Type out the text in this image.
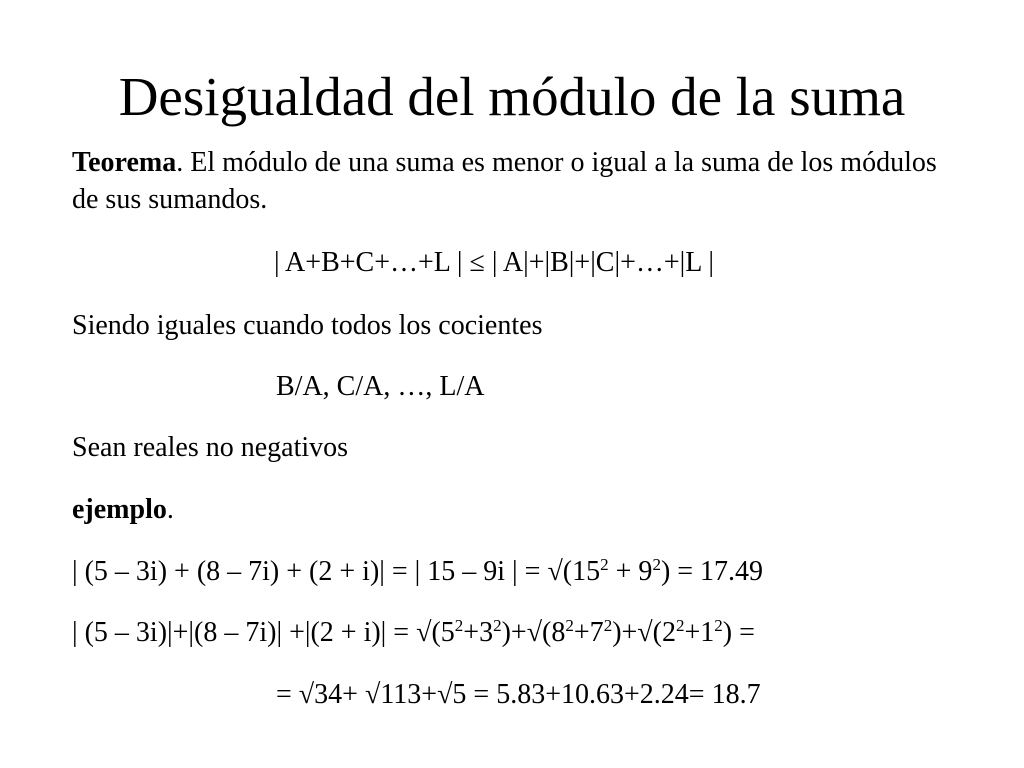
Desigualdad del módulo de la suma
Teorema. El módulo de una suma es menor o igual a la suma de los módulos de sus sumandos.
| A+B+C+…+L | ≤ | A|+|B|+|C|+…+|L |
Siendo iguales cuando todos los cocientes
B/A, C/A, …, L/A
Sean reales no negativos
ejemplo.
| (5 – 3i) + (8 – 7i) + (2 + i)| = | 15 – 9i | = $√(15^2 + 9^2) = 17.49$
| $(5 - 3i)|+|(8 - 7i)| +|(2 + i)| = √(5^2+3^2)+√(8^2+7^2)+√(2^2+1^2)$ =
= √34+ √113+√5 = 5.83+10.63+2.24= 18.7
